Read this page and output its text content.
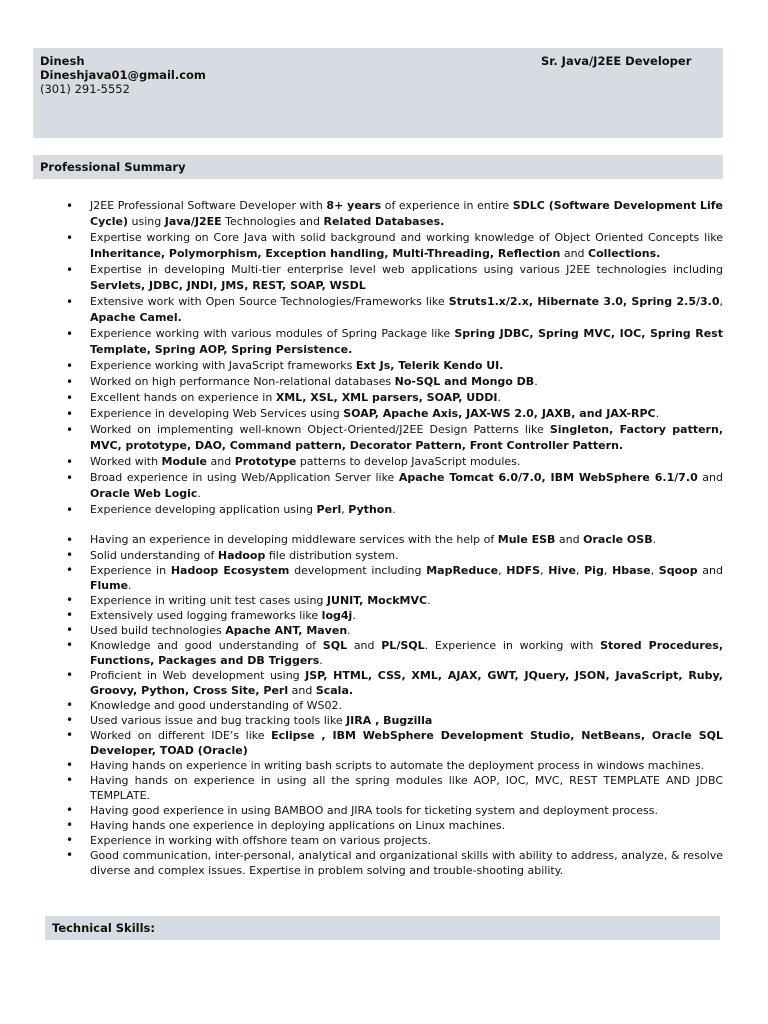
Dinesh
Dineshjava01@gmail.com
(301) 291-5552
Sr. Java/J2EE Developer
Professional Summary
• J2EE Professional Software Developer with 8+ years of experience in entire SDLC (Software Development Life Cycle) using Java/J2EE Technologies and Related Databases.
• Expertise working on Core Java with solid background and working knowledge of Object Oriented Concepts like Inheritance, Polymorphism, Exception handling, Multi-Threading, Reflection and Collections.
• Expertise in developing Multi-tier enterprise level web applications using various J2EE technologies including Servlets, JDBC, JNDI, JMS, REST, SOAP, WSDL
• Extensive work with Open Source Technologies/Frameworks like Struts1.x/2.x, Hibernate 3.0, Spring 2.5/3.0, Apache Camel.
• Experience working with various modules of Spring Package like Spring JDBC, Spring MVC, IOC, Spring Rest Template, Spring AOP, Spring Persistence.
• Experience working with JavaScript frameworks Ext Js, Telerik Kendo UI.
• Worked on high performance Non-relational databases No-SQL and Mongo DB.
• Excellent hands on experience in XML, XSL, XML parsers, SOAP, UDDI.
• Experience in developing Web Services using SOAP, Apache Axis, JAX-WS 2.0, JAXB, and JAX-RPC.
• Worked on implementing well-known Object-Oriented/J2EE Design Patterns like Singleton, Factory pattern, MVC, prototype, DAO, Command pattern, Decorator Pattern, Front Controller Pattern.
• Worked with Module and Prototype patterns to develop JavaScript modules.
• Broad experience in using Web/Application Server like Apache Tomcat 6.0/7.0, IBM WebSphere 6.1/7.0 and Oracle Web Logic.
• Experience developing application using Perl, Python.
• Having an experience in developing middleware services with the help of Mule ESB and Oracle OSB.
• Solid understanding of Hadoop file distribution system.
• Experience in Hadoop Ecosystem development including MapReduce, HDFS, Hive, Pig, Hbase, Sqoop and Flume.
• Experience in writing unit test cases using JUNIT, MockMVC.
• Extensively used logging frameworks like log4j.
• Used build technologies Apache ANT, Maven.
• Knowledge and good understanding of SQL and PL/SQL. Experience in working with Stored Procedures, Functions, Packages and DB Triggers.
• Proficient in Web development using JSP, HTML, CSS, XML, AJAX, GWT, JQuery, JSON, JavaScript, Ruby, Groovy, Python, Cross Site, Perl and Scala.
• Knowledge and good understanding of WS02.
• Used various issue and bug tracking tools like JIRA , Bugzilla
• Worked on different IDE’s like Eclipse , IBM WebSphere Development Studio, NetBeans, Oracle SQL Developer, TOAD (Oracle)
• Having hands on experience in writing bash scripts to automate the deployment process in windows machines.
• Having hands on experience in using all the spring modules like AOP, IOC, MVC, REST TEMPLATE AND JDBC TEMPLATE.
• Having good experience in using BAMBOO and JIRA tools for ticketing system and deployment process.
• Having hands one experience in deploying applications on Linux machines.
• Experience in working with offshore team on various projects.
• Good communication, inter-personal, analytical and organizational skills with ability to address, analyze, & resolve diverse and complex issues. Expertise in problem solving and trouble-shooting ability.
Technical Skills:
